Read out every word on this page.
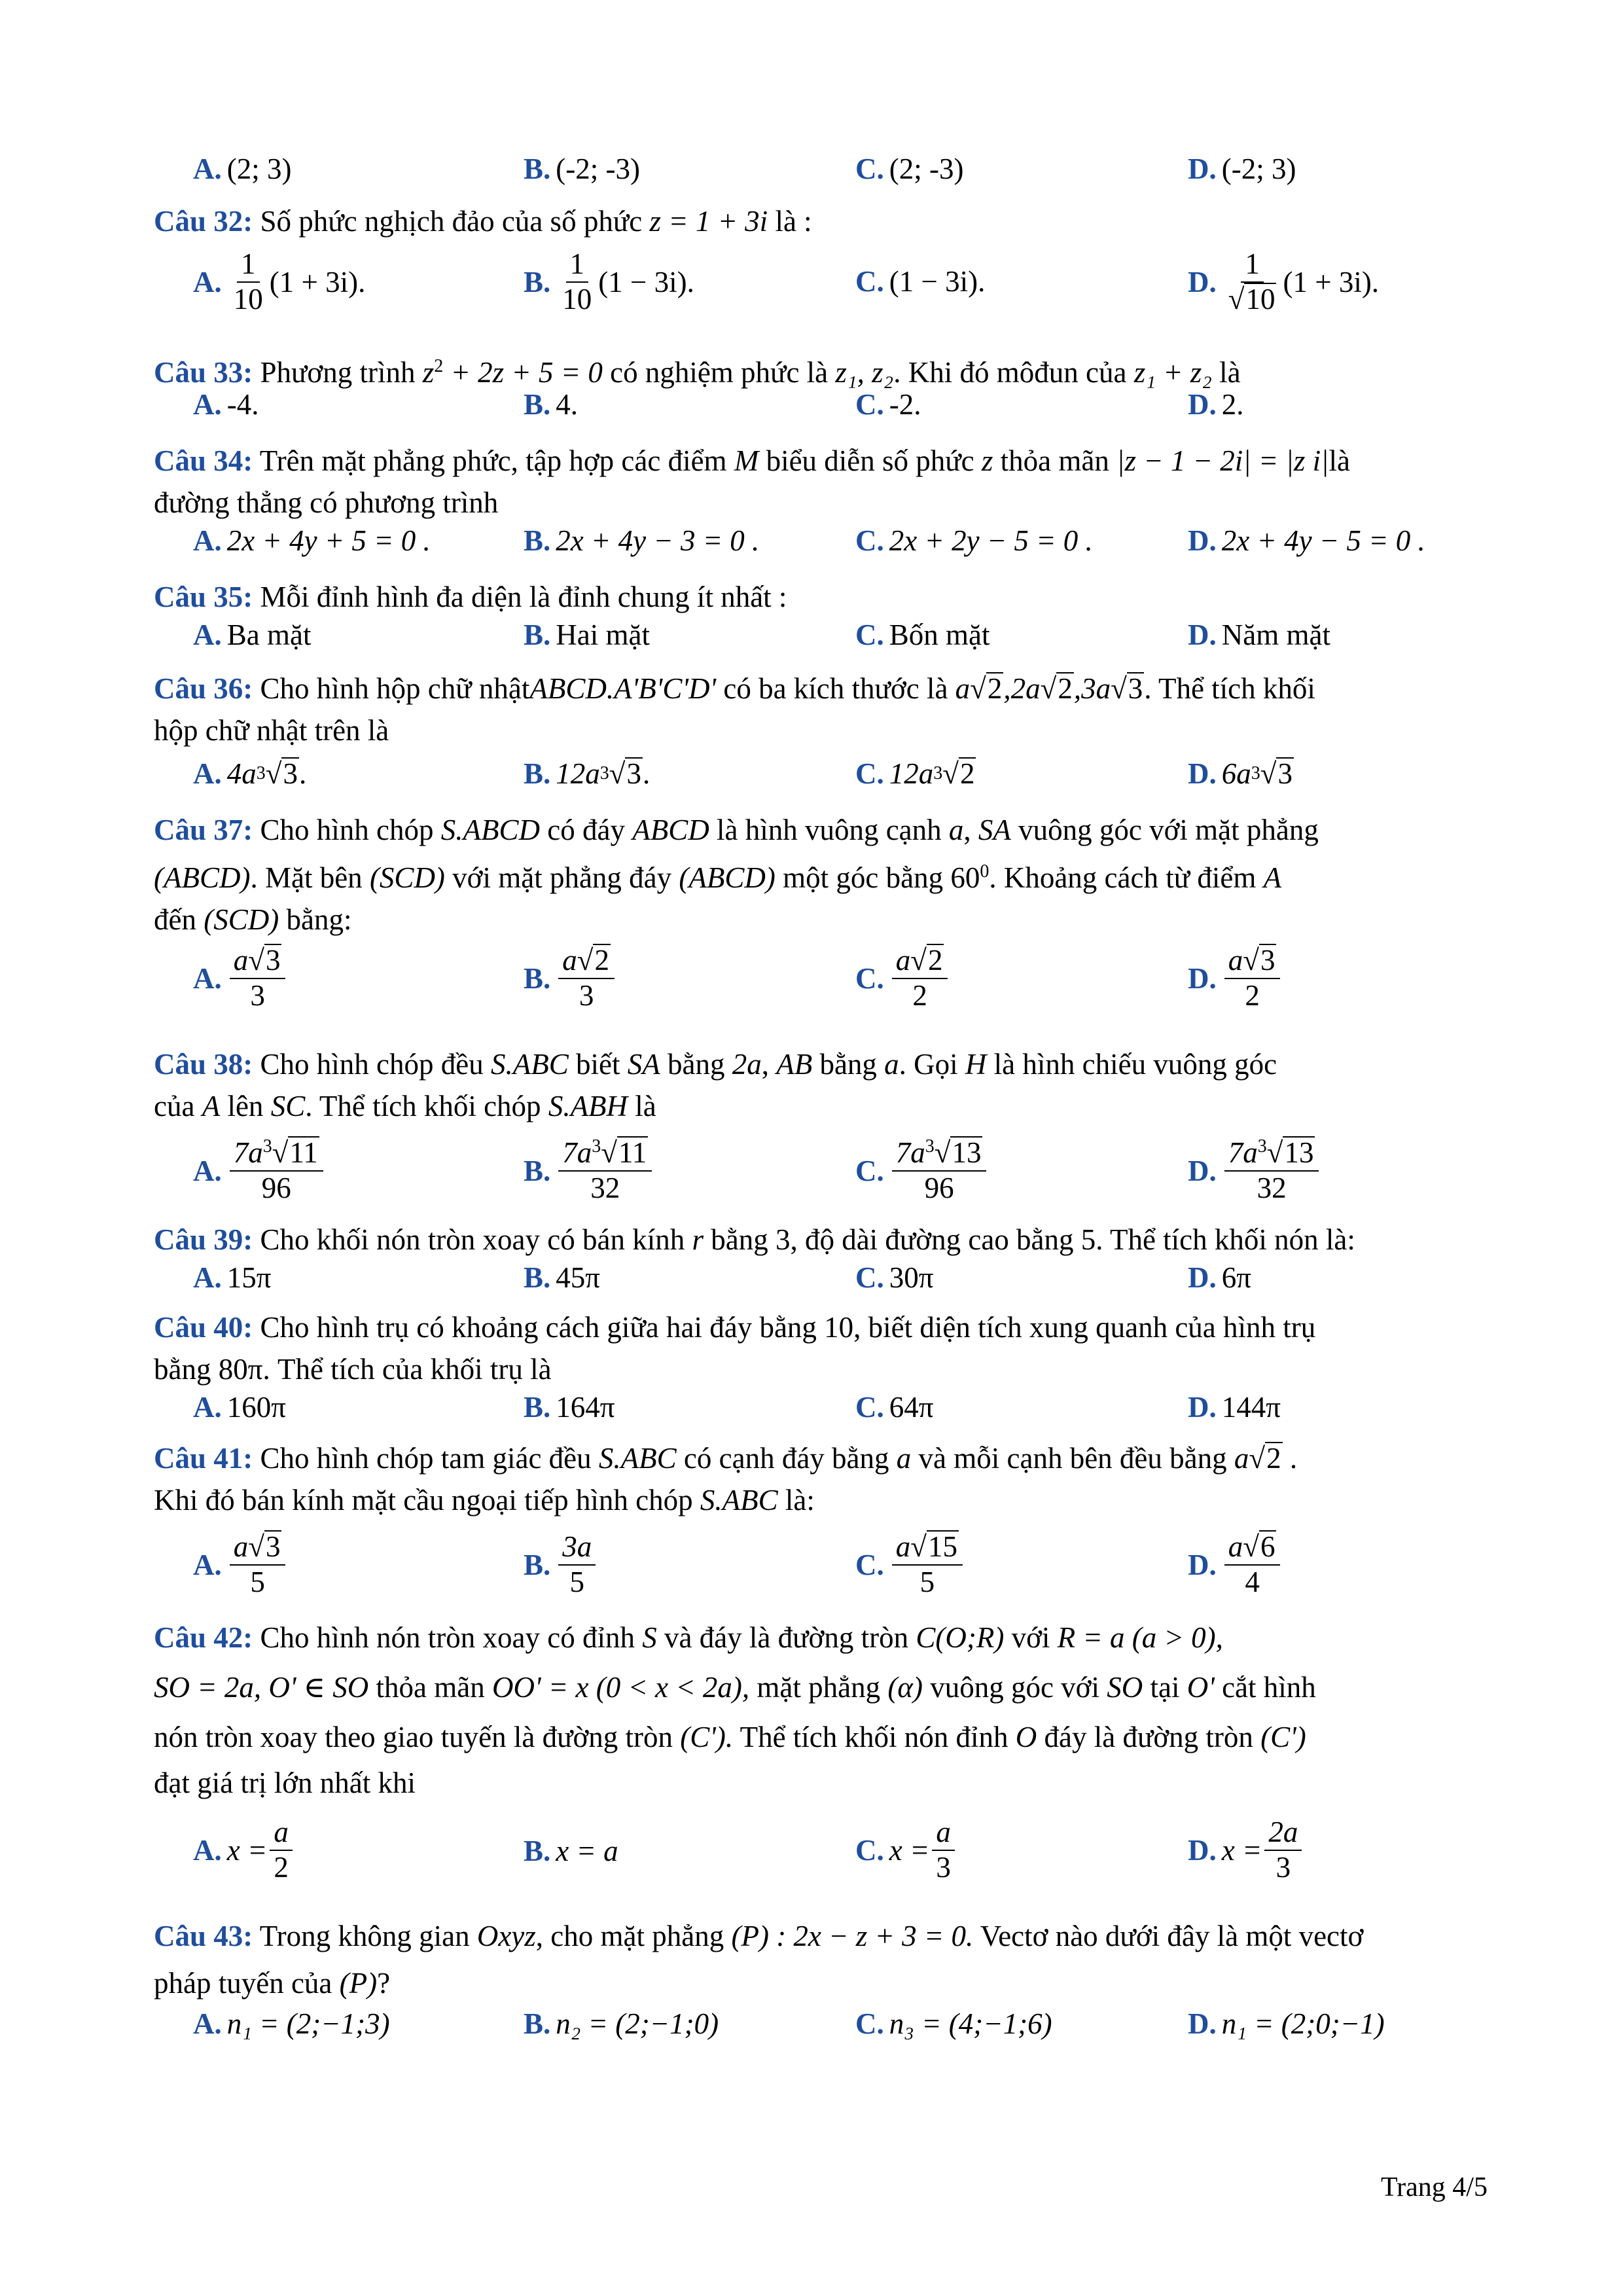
A. (2; 3)	B. (-2; -3)	C. (2; -3)	D. (-2; 3)
Câu 32: Số phức nghịch đảo của số phức z = 1 + 3i là :
A.
1
10
(1 + 3i).	B.
1
10
(1 − 3i).	C. (1 − 3i).	D.
1
√10
(1 + 3i).
Câu 33: Phương trình $z^2 + 2z + 5 = 0$ có nghiệm phức là z₁, z₂. Khi đó môđun của z₁ + z₂ là
A. -4.	B. 4.	C. -2.	D. 2.
Câu 34: Trên mặt phẳng phức, tập hợp các điểm M biểu diễn số phức z thỏa mãn |z − 1 − 2i| = |z i|là
đường thẳng có phương trình
A. 2x + 4y + 5 = 0 .	B. 2x + 4y − 3 = 0 .	C. 2x + 2y − 5 = 0 .	D. 2x + 4y − 5 = 0 .
Câu 35: Mỗi đỉnh hình đa diện là đỉnh chung ít nhất :
A. Ba mặt	B. Hai mặt	C. Bốn mặt	D. Năm mặt
Câu 36: Cho hình hộp chữ nhậtABCD.A'B'C'D' có ba kích thước là a√2,2a√2,3a√3. Thể tích khối
hộp chữ nhật trên là
A. 4a 3 √ 3 .	B. 12a 3 √ 3 .	C. 12a 3 √ 2	D. 6a 3 √ 3
Câu 37: Cho hình chóp S.ABCD có đáy ABCD là hình vuông cạnh a, SA vuông góc với mặt phẳng
(ABCD). Mặt bên (SCD) với mặt phẳng đáy (ABCD) một góc bằng $60^0$. Khoảng cách từ điểm A
đến (SCD) bằng:
A.
a√3
3
B.
a√2
3
C.
a√2
2
D.
a√3
2
Câu 38: Cho hình chóp đều S.ABC biết SA bằng 2a, AB bằng a. Gọi H là hình chiếu vuông góc
của A lên SC. Thể tích khối chóp S.ABH là
A.
$7a^3√11$
96
B.
$7a^3√11$
32
C.
$7a^3√13$
96
D.
$7a^3√13$
32
Câu 39: Cho khối nón tròn xoay có bán kính r bằng 3, độ dài đường cao bằng 5. Thể tích khối nón là:
A. 15π	B. 45π	C. 30π	D. 6π
Câu 40: Cho hình trụ có khoảng cách giữa hai đáy bằng 10, biết diện tích xung quanh của hình trụ
bằng 80π. Thể tích của khối trụ là
A. 160π	B. 164π	C. 64π	D. 144π
Câu 41: Cho hình chóp tam giác đều S.ABC có cạnh đáy bằng a và mỗi cạnh bên đều bằng a√2 .
Khi đó bán kính mặt cầu ngoại tiếp hình chóp S.ABC là:
A.
a√3
5
B.
3a
5
C.
a√15
5
D.
a√6
4
Câu 42: Cho hình nón tròn xoay có đỉnh S và đáy là đường tròn C(O;R) với R = a (a > 0),
SO = 2a, O' ∈ SO thỏa mãn OO' = x (0 < x < 2a), mặt phẳng (α) vuông góc với SO tại O' cắt hình
nón tròn xoay theo giao tuyến là đường tròn (C'). Thể tích khối nón đỉnh O đáy là đường tròn (C')
đạt giá trị lớn nhất khi
A. $x = \frac{a}{2}$	B. x = a	C. $x = \frac{a}{3}$	D. $x = \frac{2a}{3}$
Câu 43: Trong không gian Oxyz, cho mặt phẳng (P) : 2x − z + 3 = 0. Vectơ nào dưới đây là một vectơ
pháp tuyến của (P)?
A. n₁ = (2;−1;3)	B. n₂ = (2;−1;0)	C. n₃ = (4;−1;6)	D. n₁ = (2;0;−1)
Trang 4/5
